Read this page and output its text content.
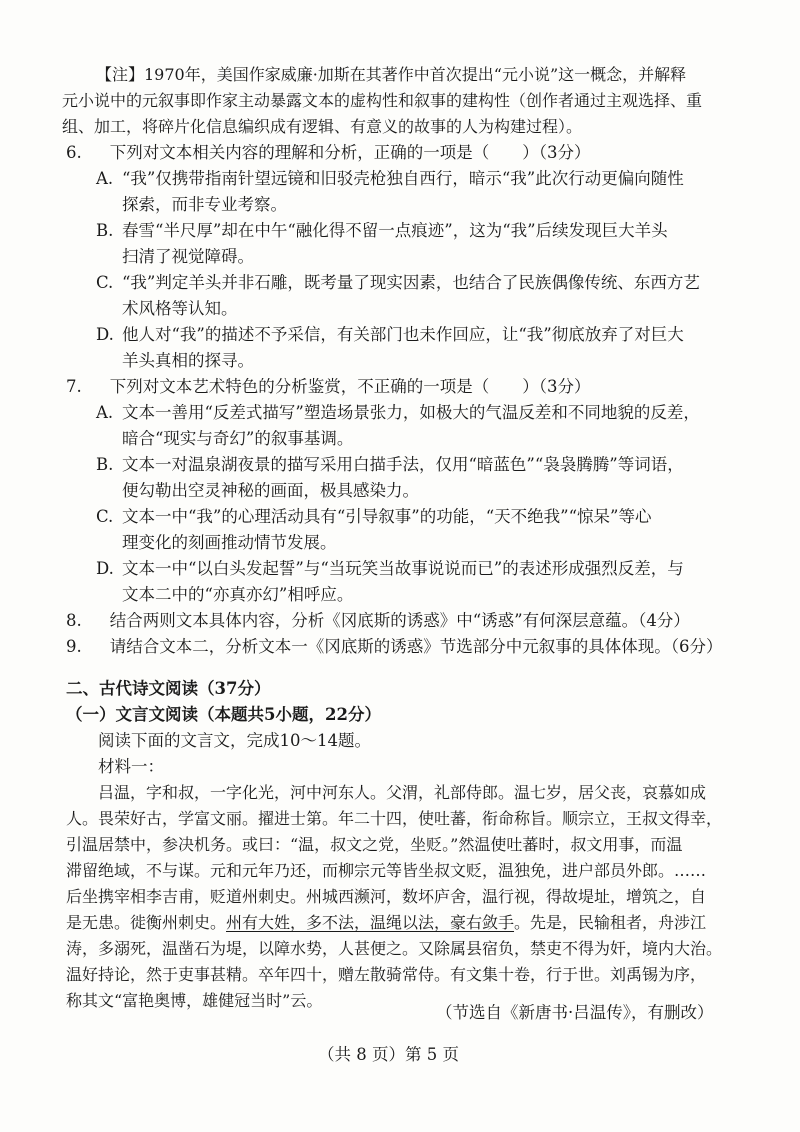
【注】1970年，美国作家威廉·加斯在其著作中首次提出“元小说”这一概念，并解释
元小说中的元叙事即作家主动暴露文本的虚构性和叙事的建构性（创作者通过主观选择、重
组、加工，将碎片化信息编织成有逻辑、有意义的故事的人为构建过程）。
6. 下列对文本相关内容的理解和分析，正确的一项是（　　）（3分）
A. “我”仅携带指南针望远镜和旧驳壳枪独自西行，暗示“我”此次行动更偏向随性
探索，而非专业考察。
B. 春雪“半尺厚”却在中午“融化得不留一点痕迹”，这为“我”后续发现巨大羊头
扫清了视觉障碍。
C. “我”判定羊头并非石雕，既考量了现实因素，也结合了民族偶像传统、东西方艺
术风格等认知。
D. 他人对“我”的描述不予采信，有关部门也未作回应，让“我”彻底放弃了对巨大
羊头真相的探寻。
7. 下列对文本艺术特色的分析鉴赏，不正确的一项是（　　）（3分）
A. 文本一善用“反差式描写”塑造场景张力，如极大的气温反差和不同地貌的反差，
暗合“现实与奇幻”的叙事基调。
B. 文本一对温泉湖夜景的描写采用白描手法，仅用“暗蓝色”“袅袅腾腾”等词语，
便勾勒出空灵神秘的画面，极具感染力。
C. 文本一中“我”的心理活动具有“引导叙事”的功能，“天不绝我”“惊呆”等心
理变化的刻画推动情节发展。
D. 文本一中“以白头发起誓”与“当玩笑当故事说说而已”的表述形成强烈反差，与
文本二中的“亦真亦幻”相呼应。
8. 结合两则文本具体内容，分析《冈底斯的诱惑》中“诱惑”有何深层意蕴。（4分）
9. 请结合文本二，分析文本一《冈底斯的诱惑》节选部分中元叙事的具体体现。（6分）
二、古代诗文阅读（37分）
（一）文言文阅读（本题共5小题，22分）
阅读下面的文言文，完成10～14题。
材料一：
吕温，字和叔，一字化光，河中河东人。父渭，礼部侍郎。温七岁，居父丧，哀慕如成
人。畏荣好古，学富文丽。擢进士第。年二十四，使吐蕃，衔命称旨。顺宗立，王叔文得幸，
引温居禁中，参决机务。或曰：“温，叔文之党，坐贬。”然温使吐蕃时，叔文用事，而温
滞留绝域，不与谋。元和元年乃还，而柳宗元等皆坐叔文贬，温独免，进户部员外郎。……
后坐携宰相李吉甫，贬道州刺史。州城西濒河，数坏庐舍，温行视，得故堤址，增筑之，自
是无患。徙衡州刺史。州有大姓，多不法，温绳以法，豪右敛手。先是，民输租者，舟涉江
涛，多溺死，温凿石为堤，以障水势，人甚便之。又除属县宿负，禁吏不得为奸，境内大治。
温好持论，然于吏事甚精。卒年四十，赠左散骑常侍。有文集十卷，行于世。刘禹锡为序，
称其文“富艳奥博，雄健冠当时”云。
（节选自《新唐书·吕温传》，有删改）
（共 8 页）第 5 页
